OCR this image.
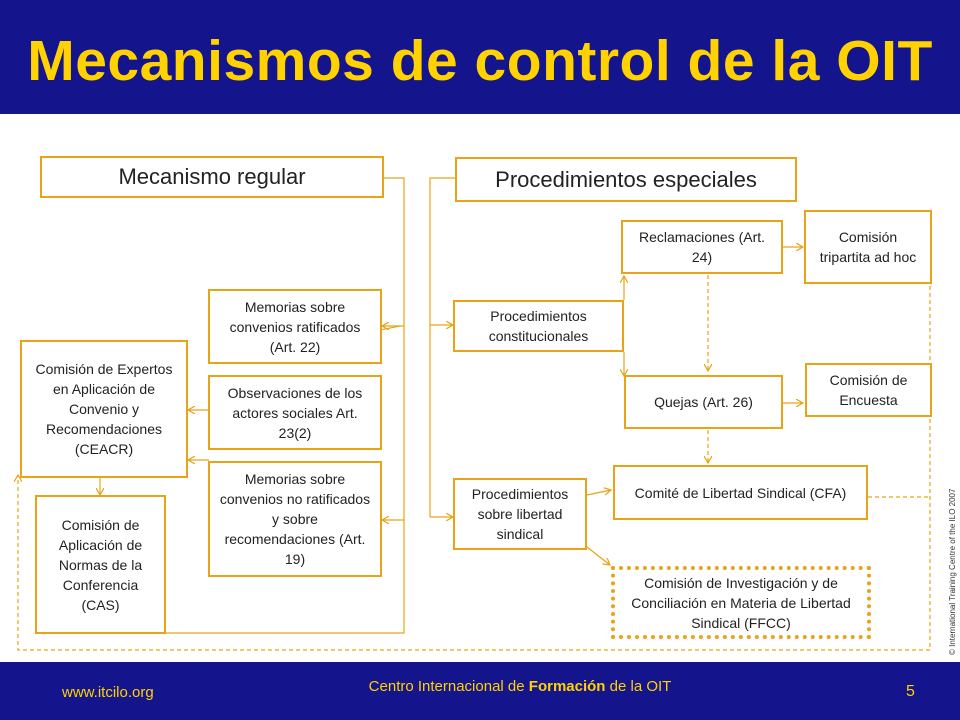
Mecanismos de control de la OIT
Mecanismo regular	Procedimientos especiales
Memorias sobre convenios ratificados (Art. 22)
Observaciones de los actores sociales Art. 23(2)
Memorias sobre convenios no ratificados y sobre recomendaciones (Art. 19)
Comisión de Expertos en Aplicación de Convenio y Recomendaciones (CEACR)
Comisión de Aplicación de Normas de la Conferencia (CAS)
Procedimientos constitucionales
Procedimientos sobre libertad sindical
Reclamaciones (Art. 24)
Comisión tripartita ad hoc
Quejas (Art. 26)
Comisión de Encuesta
Comité de Libertad Sindical (CFA)
Comisión de Investigación y de Conciliación en Materia de Libertad Sindical (FFCC)	© International Training Centre of the ILO 2007
www.itcilo.org	Centro Internacional de Formación de la OIT	5
